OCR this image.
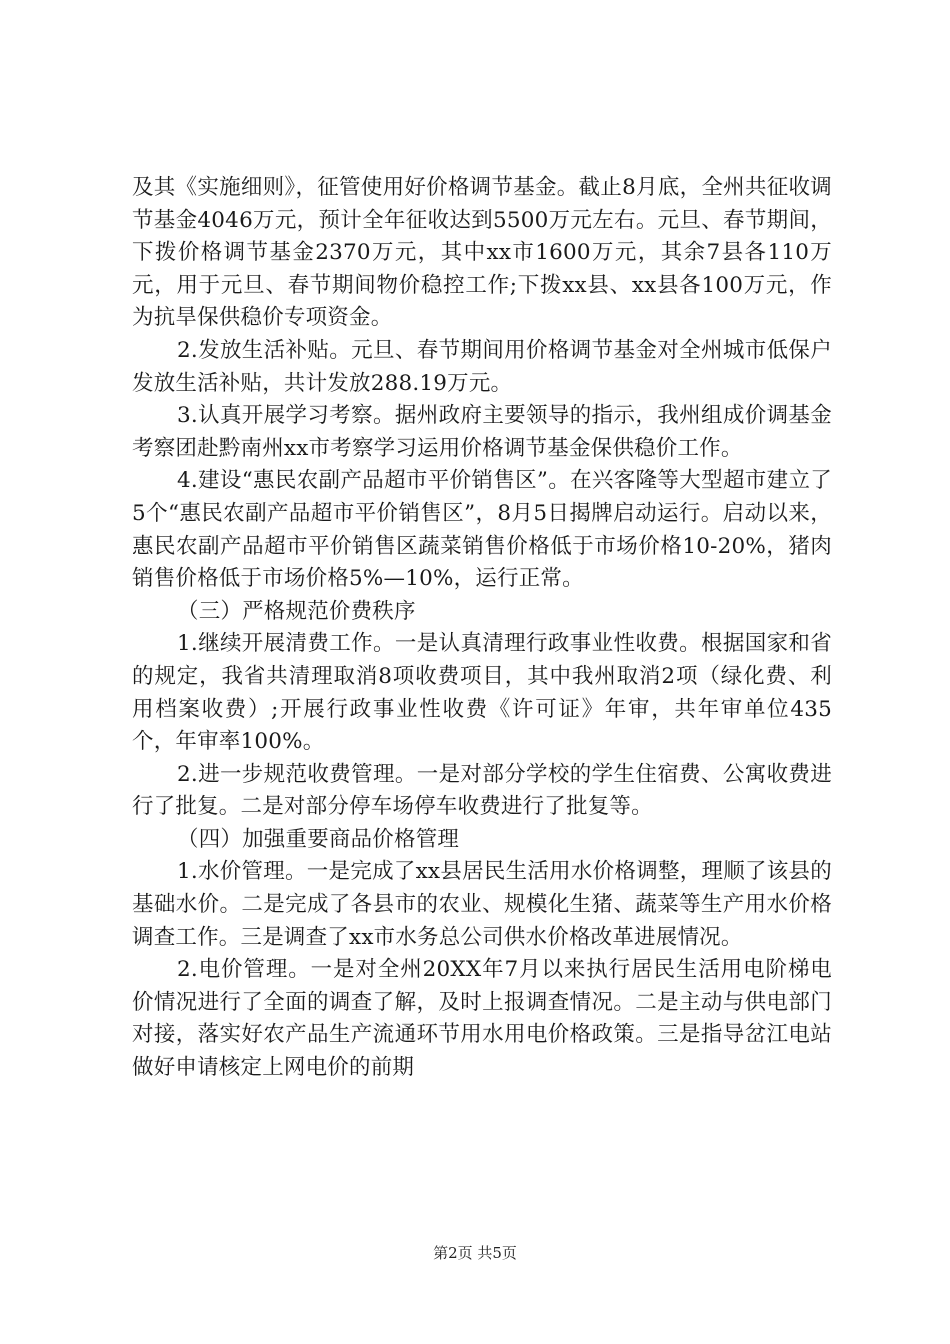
及其《实施细则》，征管使用好价格调节基金。截止8月底，全州共征收调节基金4046万元，预计全年征收达到5500万元左右。元旦、春节期间，下拨价格调节基金2370万元，其中xx市1600万元，其余7县各110万元，用于元旦、春节期间物价稳控工作;下拨xx县、xx县各100万元，作为抗旱保供稳价专项资金。

2.发放生活补贴。元旦、春节期间用价格调节基金对全州城市低保户发放生活补贴，共计发放288.19万元。

3.认真开展学习考察。据州政府主要领导的指示，我州组成价调基金考察团赴黔南州xx市考察学习运用价格调节基金保供稳价工作。

4.建设“惠民农副产品超市平价销售区”。在兴客隆等大型超市建立了5个“惠民农副产品超市平价销售区”，8月5日揭牌启动运行。启动以来，惠民农副产品超市平价销售区蔬菜销售价格低于市场价格10-20%，猪肉销售价格低于市场价格5%—10%，运行正常。

（三）严格规范价费秩序

1.继续开展清费工作。一是认真清理行政事业性收费。根据国家和省的规定，我省共清理取消8项收费项目，其中我州取消2项（绿化费、利用档案收费）;开展行政事业性收费《许可证》年审，共年审单位435个，年审率100%。

2.进一步规范收费管理。一是对部分学校的学生住宿费、公寓收费进行了批复。二是对部分停车场停车收费进行了批复等。

（四）加强重要商品价格管理

1.水价管理。一是完成了xx县居民生活用水价格调整，理顺了该县的基础水价。二是完成了各县市的农业、规模化生猪、蔬菜等生产用水价格调查工作。三是调查了xx市水务总公司供水价格改革进展情况。

2.电价管理。一是对全州20XX年7月以来执行居民生活用电阶梯电价情况进行了全面的调查了解，及时上报调查情况。二是主动与供电部门对接，落实好农产品生产流通环节用水用电价格政策。三是指导岔江电站做好申请核定上网电价的前期

第2页 共5页
